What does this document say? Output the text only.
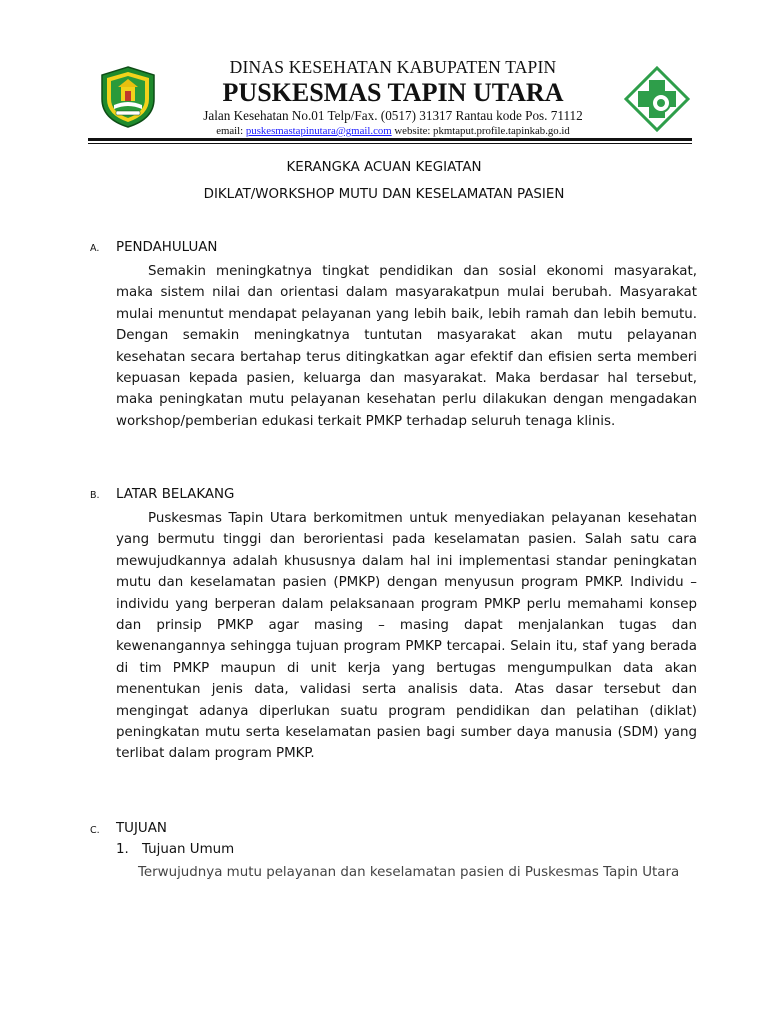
DINAS KESEHATAN KABUPATEN TAPIN
PUSKESMAS TAPIN UTARA
Jalan Kesehatan No.01 Telp/Fax. (0517) 31317 Rantau kode Pos. 71112
email: puskesmastapinutara@gmail.com website: pkmtaput.profile.tapinkab.go.id
KERANGKA ACUAN KEGIATAN
DIKLAT/WORKSHOP MUTU DAN KESELAMATAN PASIEN
A. PENDAHULUAN
Semakin meningkatnya tingkat pendidikan dan sosial ekonomi masyarakat, maka sistem nilai dan orientasi dalam masyarakatpun mulai berubah. Masyarakat mulai menuntut mendapat pelayanan yang lebih baik, lebih ramah dan lebih bemutu. Dengan semakin meningkatnya tuntutan masyarakat akan mutu pelayanan kesehatan secara bertahap terus ditingkatkan agar efektif dan efisien serta memberi kepuasan kepada pasien, keluarga dan masyarakat. Maka berdasar hal tersebut, maka peningkatan mutu pelayanan kesehatan perlu dilakukan dengan mengadakan workshop/pemberian edukasi terkait PMKP terhadap seluruh tenaga klinis.
B. LATAR BELAKANG
Puskesmas Tapin Utara berkomitmen untuk menyediakan pelayanan kesehatan yang bermutu tinggi dan berorientasi pada keselamatan pasien. Salah satu cara mewujudkannya adalah khususnya dalam hal ini implementasi standar peningkatan mutu dan keselamatan pasien (PMKP) dengan menyusun program PMKP. Individu – individu yang berperan dalam pelaksanaan program PMKP perlu memahami konsep dan prinsip PMKP agar masing – masing dapat menjalankan tugas dan kewenangannya sehingga tujuan program PMKP tercapai. Selain itu, staf yang berada di tim PMKP maupun di unit kerja yang bertugas mengumpulkan data akan menentukan jenis data, validasi serta analisis data. Atas dasar tersebut dan mengingat adanya diperlukan suatu program pendidikan dan pelatihan (diklat) peningkatan mutu serta keselamatan pasien bagi sumber daya manusia (SDM) yang terlibat dalam program PMKP.
C. TUJUAN
1. Tujuan Umum
Terwujudnya mutu pelayanan dan keselamatan pasien di Puskesmas Tapin Utara
